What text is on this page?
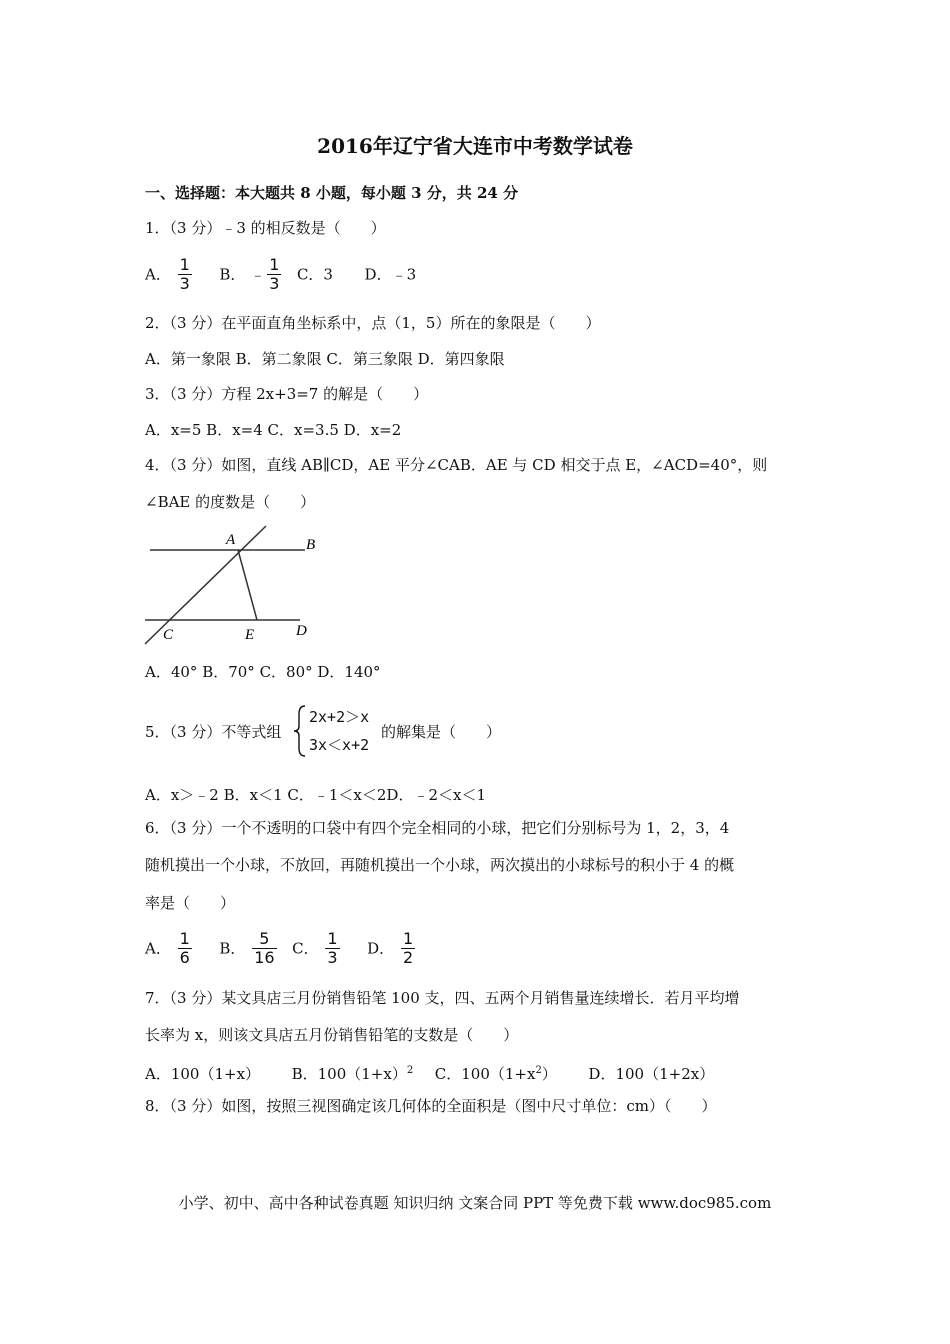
2016年辽宁省大连市中考数学试卷
一、选择题：本大题共 8 小题，每小题 3 分，共 24 分
1．（3 分）﹣3 的相反数是（　　）
A． $\frac{1}{3}$ B． ﹣ $\frac{1}{3}$ C．3 D．﹣3
2．（3 分）在平面直角坐标系中，点（1，5）所在的象限是（　　）
A．第一象限 B．第二象限 C．第三象限 D．第四象限
3．（3 分）方程 2x+3=7 的解是（　　）
A．x=5 B．x=4 C．x=3.5 D．x=2
4．（3 分）如图，直线 AB∥CD，AE 平分∠CAB．AE 与 CD 相交于点 E，∠ACD=40°，则
∠BAE 的度数是（　　）
A	B
C	E	D
A．40° B．70° C．80° D．140°
5．（3 分）不等式组
2x+2＞x
3x＜x+2
的解集是（　　）
A．x＞﹣2 B．x＜1 C．﹣1＜x＜2D．﹣2＜x＜1
6．（3 分）一个不透明的口袋中有四个完全相同的小球，把它们分别标号为 1，2，3，4
随机摸出一个小球，不放回，再随机摸出一个小球，两次摸出的小球标号的积小于 4 的概
率是（　　）
A． $\frac{1}{6}$ B． $\frac{5}{16}$ C． $\frac{1}{3}$ D． $\frac{1}{2}$
7．（3 分）某文具店三月份销售铅笔 100 支，四、五两个月销售量连续增长．若月平均增
长率为 x，则该文具店五月份销售铅笔的支数是（　　）
A．100（1+x） B．$100(1+x)^2$ C．$100(1+x^2)$ D．100（1+2x）
8．（3 分）如图，按照三视图确定该几何体的全面积是（图中尺寸单位：cm）（　　）
小学、初中、高中各种试卷真题 知识归纳 文案合同 PPT 等免费下载 www.doc985.com
